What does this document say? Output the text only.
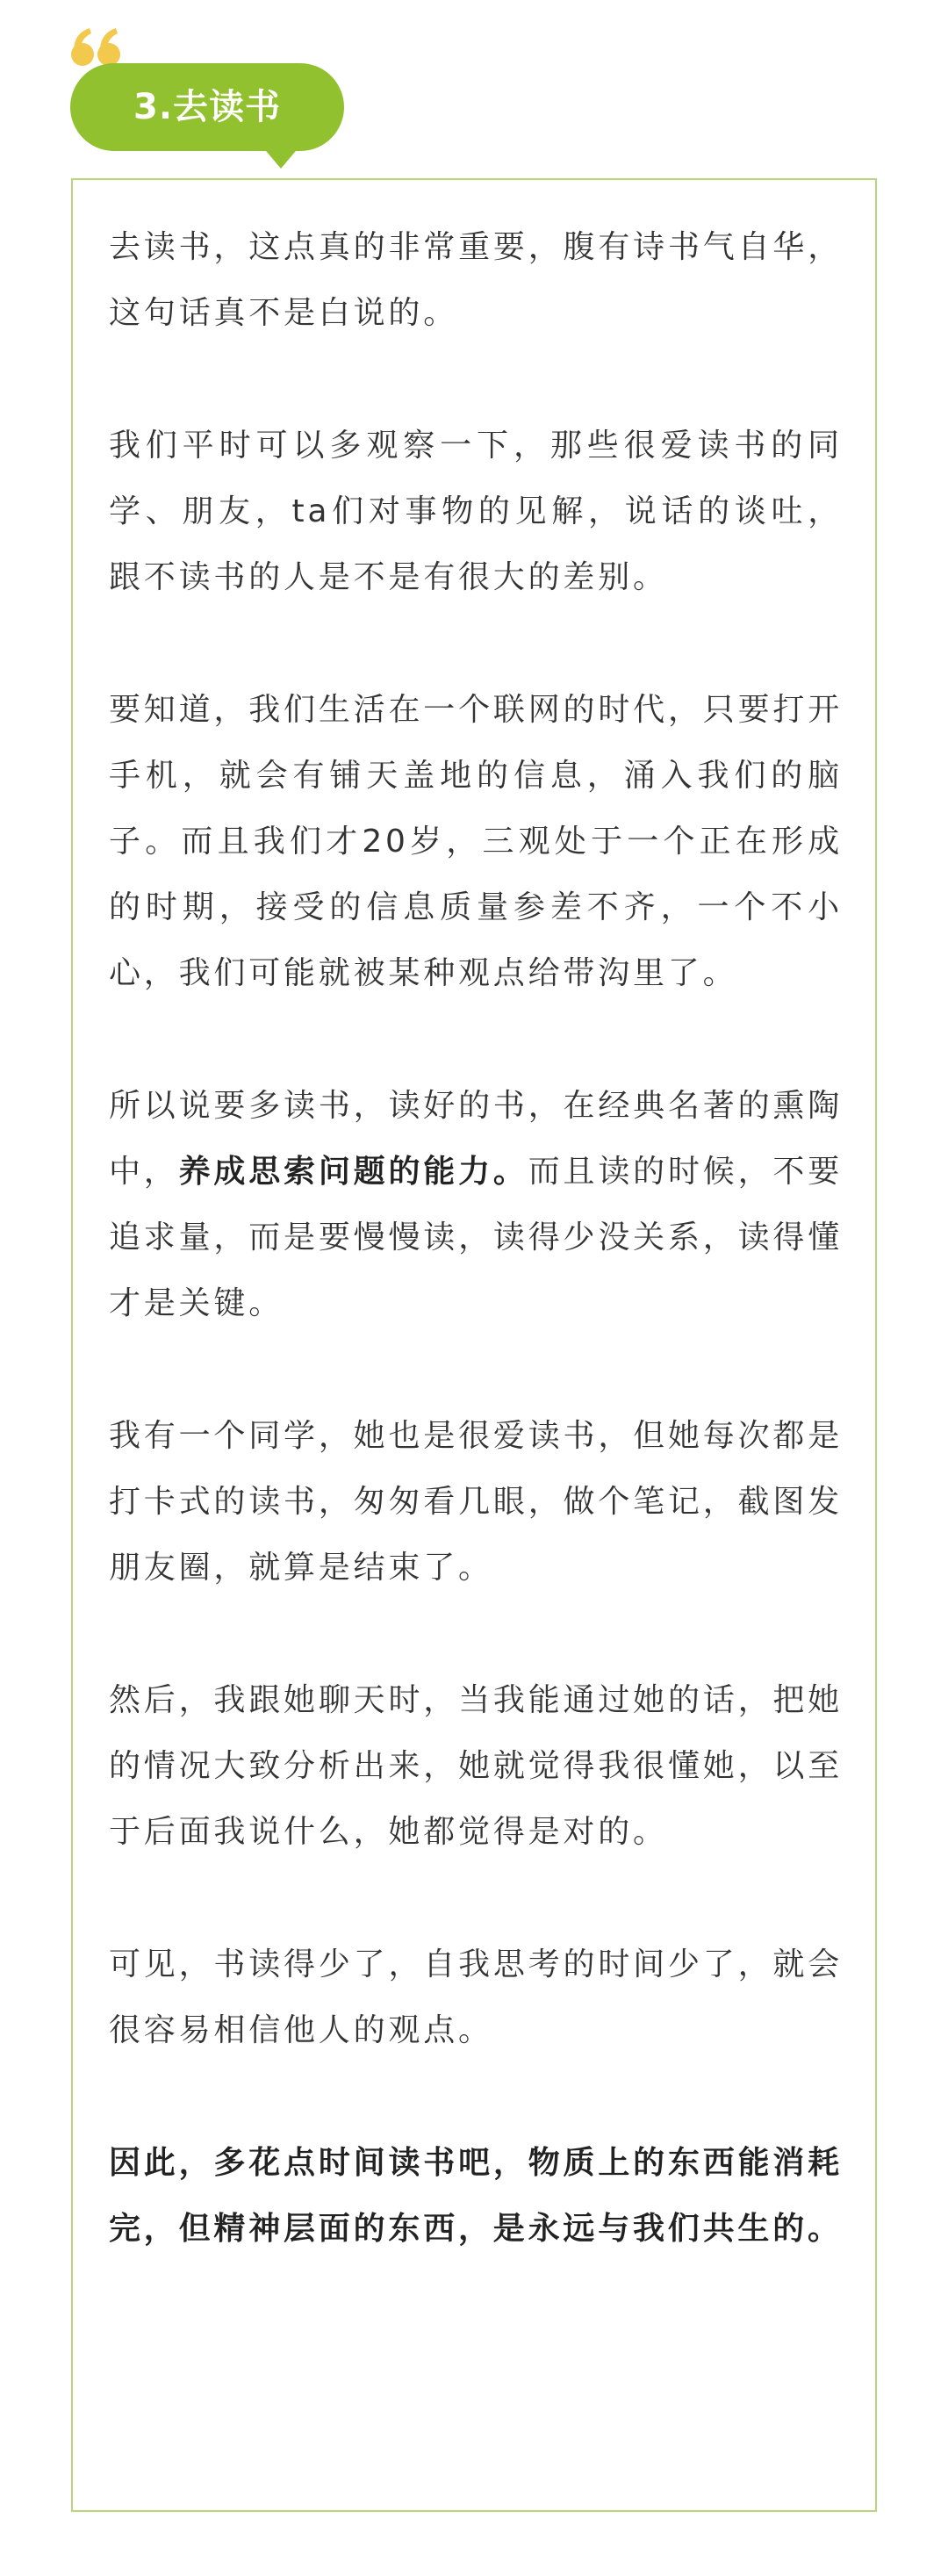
3.去读书

去读书，这点真的非常重要，腹有诗书气自华，这句话真不是白说的。

我们平时可以多观察一下，那些很爱读书的同学、朋友，ta们对事物的见解，说话的谈吐，跟不读书的人是不是有很大的差别。

要知道，我们生活在一个联网的时代，只要打开手机，就会有铺天盖地的信息，涌入我们的脑子。而且我们才20岁，三观处于一个正在形成的时期，接受的信息质量参差不齐，一个不小心，我们可能就被某种观点给带沟里了。

所以说要多读书，读好的书，在经典名著的熏陶中，养成思索问题的能力。而且读的时候，不要追求量，而是要慢慢读，读得少没关系，读得懂才是关键。

我有一个同学，她也是很爱读书，但她每次都是打卡式的读书，匆匆看几眼，做个笔记，截图发朋友圈，就算是结束了。

然后，我跟她聊天时，当我能通过她的话，把她的情况大致分析出来，她就觉得我很懂她，以至于后面我说什么，她都觉得是对的。

可见，书读得少了，自我思考的时间少了，就会很容易相信他人的观点。

因此，多花点时间读书吧，物质上的东西能消耗完，但精神层面的东西，是永远与我们共生的。
